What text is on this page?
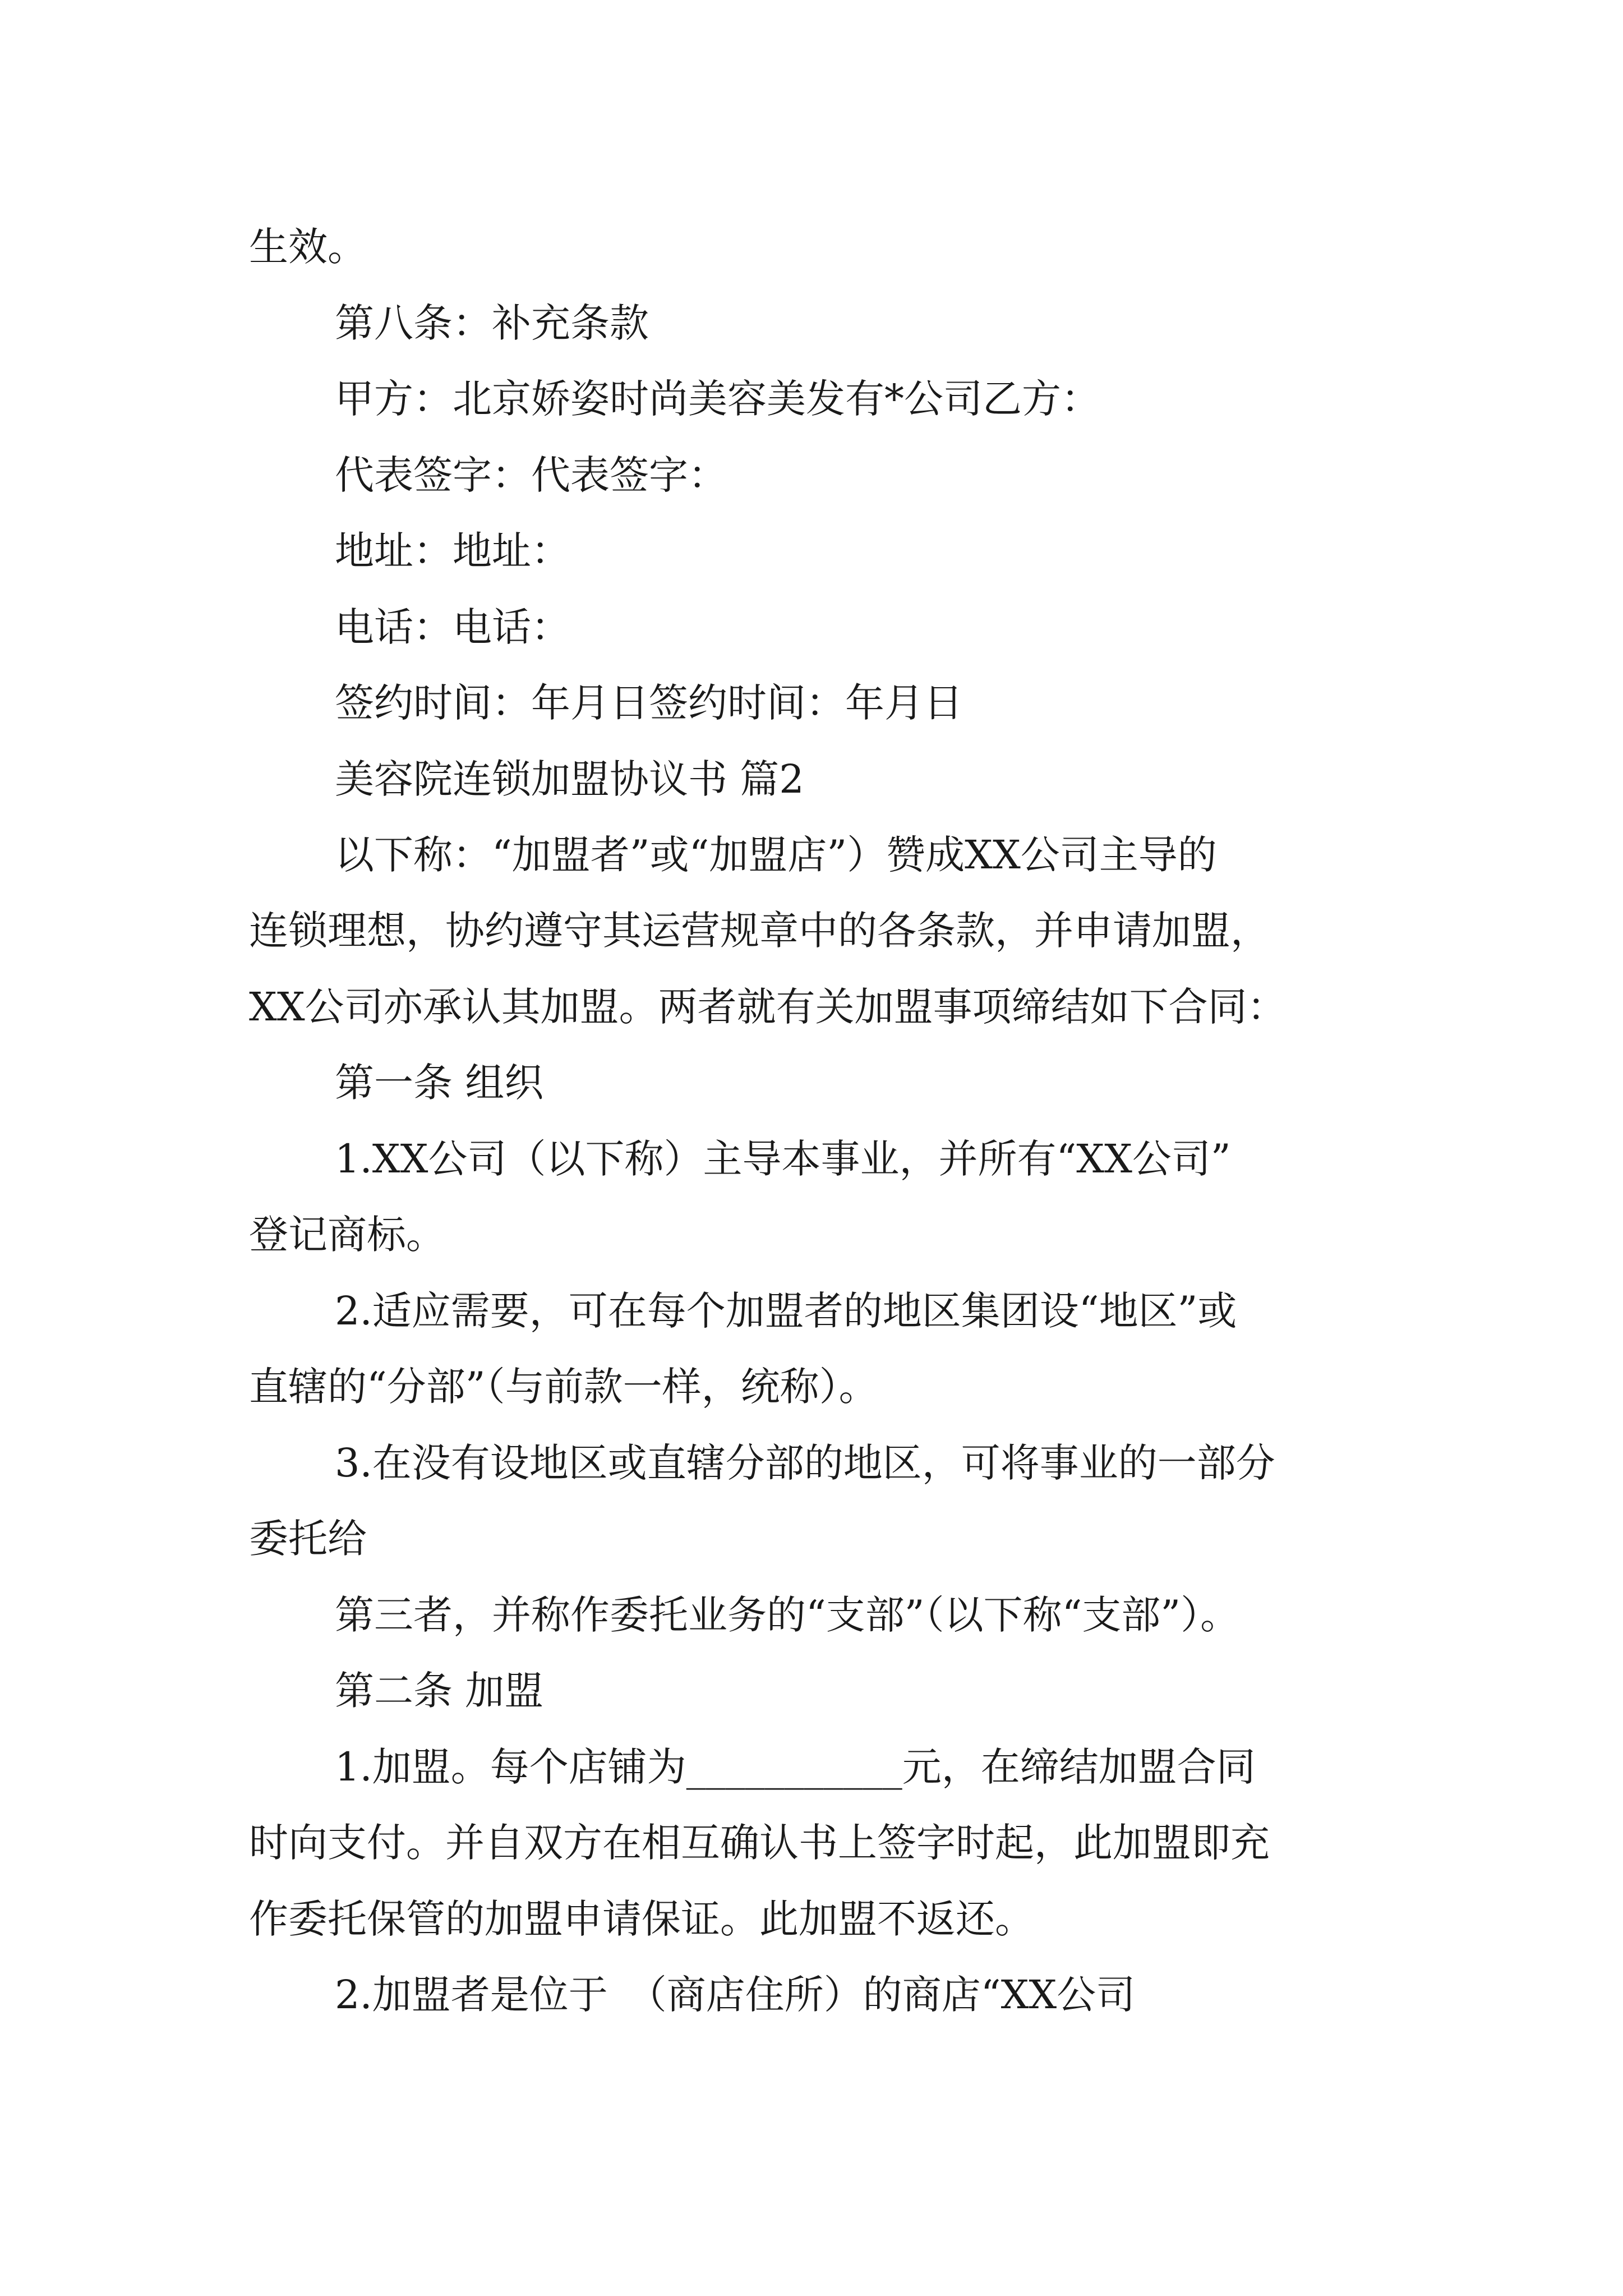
生效。
第八条：补充条款
甲方：北京娇姿时尚美容美发有*公司乙方：
代表签字：代表签字：
地址：地址：
电话：电话：
签约时间：年月日签约时间：年月日
美容院连锁加盟协议书 篇2
以下称：“加盟者”或“加盟店”）赞成XX公司主导的
连锁理想，协约遵守其运营规章中的各条款，并申请加盟，
XX公司亦承认其加盟。两者就有关加盟事项缔结如下合同：
第一条 组织
1.XX公司（以下称）主导本事业，并所有“XX公司”
登记商标。
2.适应需要，可在每个加盟者的地区集团设“地区”或
直辖的“分部”（与前款一样，统称）。
3.在没有设地区或直辖分部的地区，可将事业的一部分
委托给
第三者，并称作委托业务的“支部”（以下称“支部”）。
第二条 加盟
1.加盟。每个店铺为___________元，在缔结加盟合同
时向支付。并自双方在相互确认书上签字时起，此加盟即充
作委托保管的加盟申请保证。此加盟不返还。
2.加盟者是位于　（商店住所）的商店“XX公司
